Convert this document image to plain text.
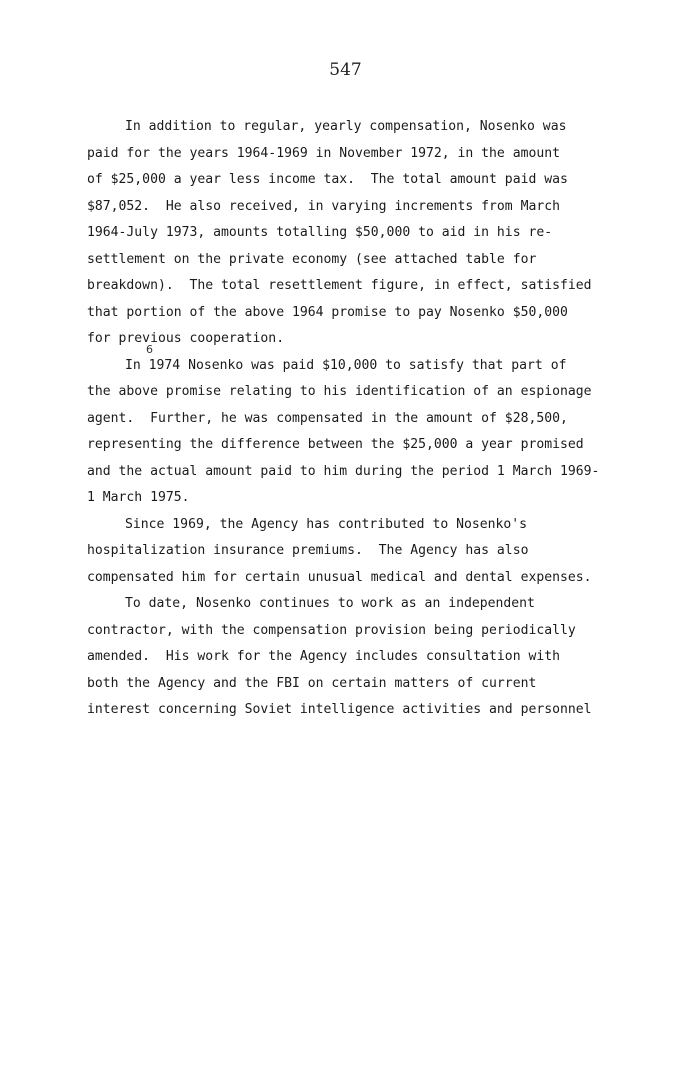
547
In addition to regular, yearly compensation, Nosenko was
paid for the years 1964-1969 in November 1972, in the amount
of $25,000 a year less income tax.  The total amount paid was
$87,052.  He also received, in varying increments from March
1964-July 1973, amounts totalling $50,000 to aid in his re-
settlement on the private economy (see attached table for
breakdown).  The total resettlement figure, in effect, satisfied
that portion of the above 1964 promise to pay Nosenko $50,000
for previous cooperation.
In 1974 Nosenko was paid $10,000 to satisfy that part of
the above promise relating to his identification of an espionage
agent.  Further, he was compensated in the amount of $28,500,
representing the difference between the $25,000 a year promised
and the actual amount paid to him during the period 1 March 1969-
1 March 1975.
Since 1969, the Agency has contributed to Nosenko's
hospitalization insurance premiums.  The Agency has also
compensated him for certain unusual medical and dental expenses.
To date, Nosenko continues to work as an independent
contractor, with the compensation provision being periodically
amended.  His work for the Agency includes consultation with
both the Agency and the FBI on certain matters of current
interest concerning Soviet intelligence activities and personnel
6
